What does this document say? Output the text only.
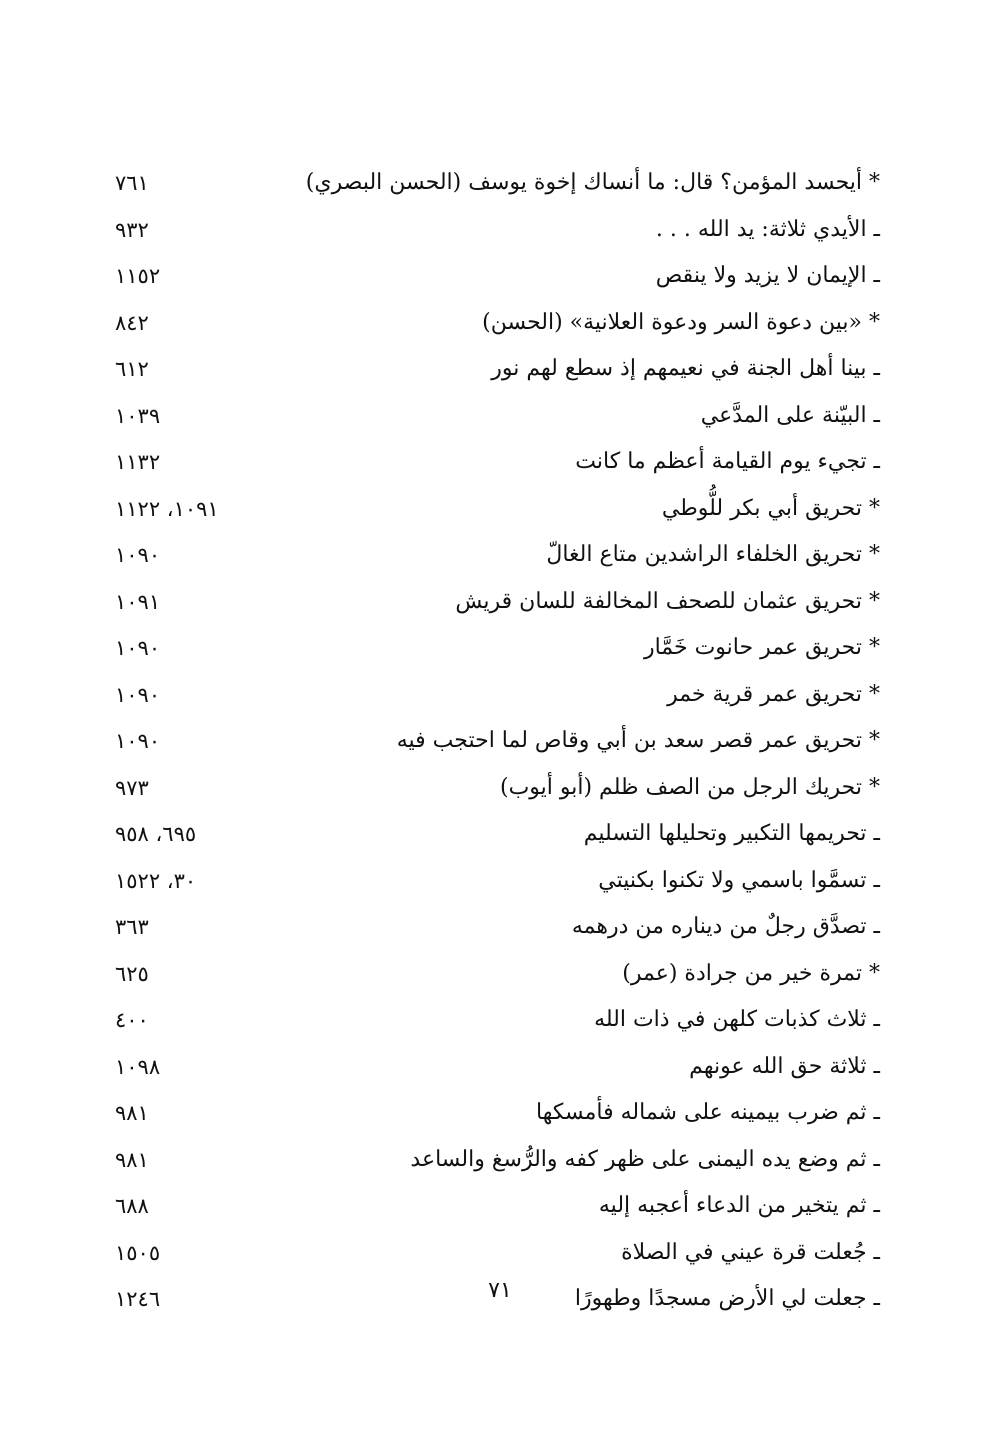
* أيحسد المؤمن؟ قال: ما أنساك إخوة يوسف (الحسن البصري)
٧٦١
ـ الأيدي ثلاثة: يد الله . . .
٩٣٢
ـ الإيمان لا يزيد ولا ينقص
١١٥٢
* «بين دعوة السر ودعوة العلانية» (الحسن)
٨٤٢
ـ بينا أهل الجنة في نعيمهم إذ سطع لهم نور
٦١٢
ـ البيّنة على المدَّعي
١٠٣٩
ـ تجيء يوم القيامة أعظم ما كانت
١١٣٢
* تحريق أبي بكر للُّوطي
١٠٩١، ١١٢٢
* تحريق الخلفاء الراشدين متاع الغالّ
١٠٩٠
* تحريق عثمان للصحف المخالفة للسان قريش
١٠٩١
* تحريق عمر حانوت خَمَّار
١٠٩٠
* تحريق عمر قرية خمر
١٠٩٠
* تحريق عمر قصر سعد بن أبي وقاص لما احتجب فيه
١٠٩٠
* تحريك الرجل من الصف ظلم (أبو أيوب)
٩٧٣
ـ تحريمها التكبير وتحليلها التسليم
٦٩٥، ٩٥٨
ـ تسمَّوا باسمي ولا تكنوا بكنيتي
٣٠، ١٥٢٢
ـ تصدَّق رجلٌ من ديناره من درهمه
٣٦٣
* تمرة خير من جرادة (عمر)
٦٢٥
ـ ثلاث كذبات كلهن في ذات الله
٤٠٠
ـ ثلاثة حق الله عونهم
١٠٩٨
ـ ثم ضرب بيمينه على شماله فأمسكها
٩٨١
ـ ثم وضع يده اليمنى على ظهر كفه والرُّسغ والساعد
٩٨١
ـ ثم يتخير من الدعاء أعجبه إليه
٦٨٨
ـ جُعلت قرة عيني في الصلاة
١٥٠٥
ـ جعلت لي الأرض مسجدًا وطهورًا
١٢٤٦	٧١
